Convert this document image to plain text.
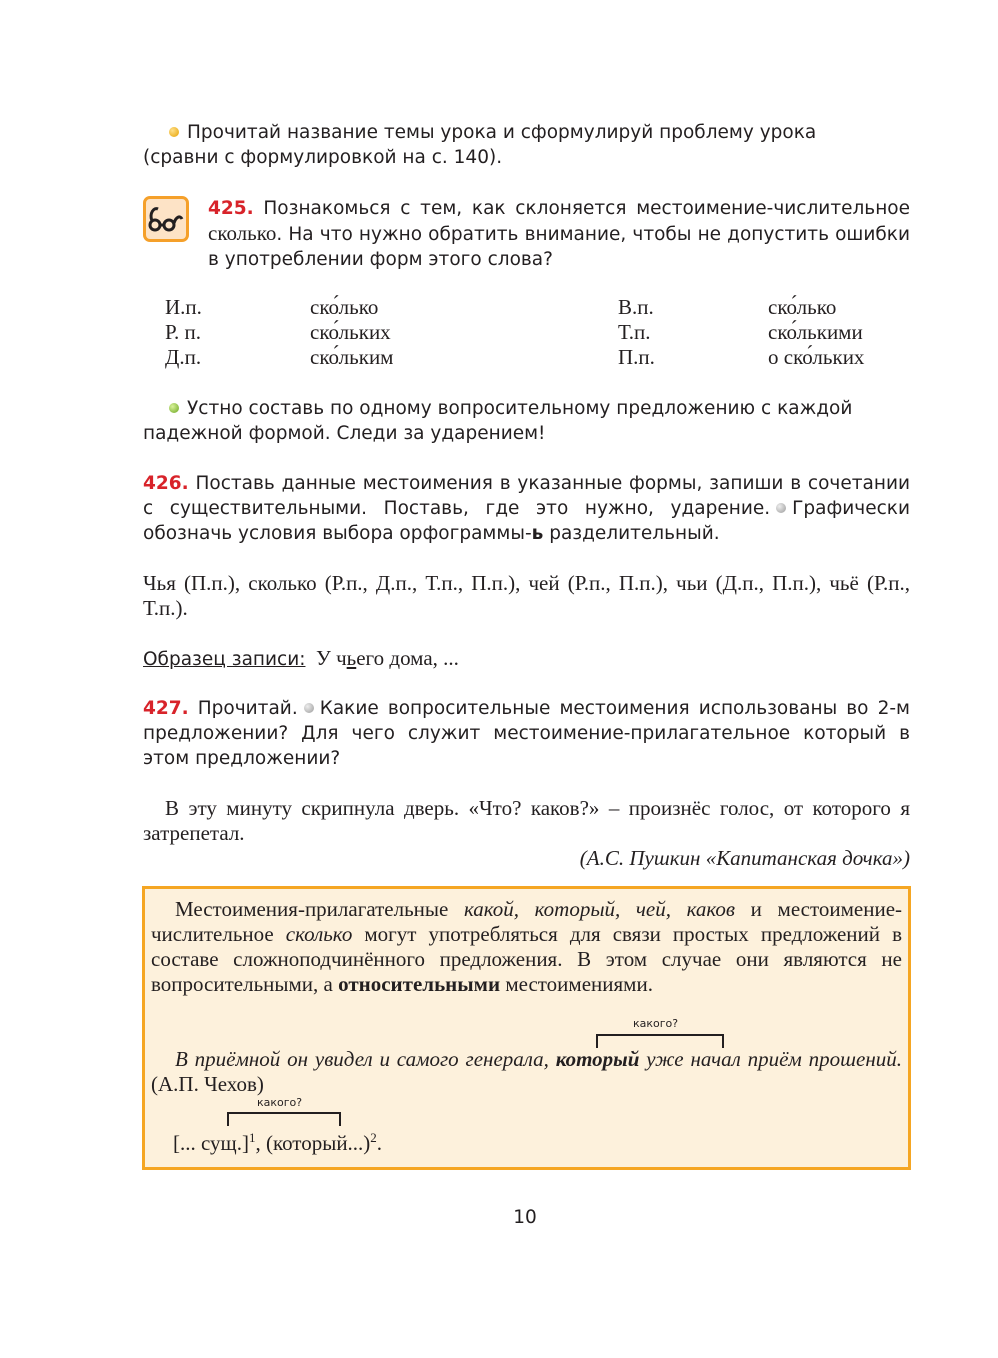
Прочитай название темы урока и сформулируй проблему урока
(сравни с формулировкой на с. 140).
425. Познакомься с тем, как склоняется местоимение-числительное сколько. На что нужно обратить внимание, чтобы не допустить ошибки в употреблении форм этого слова?
И.п.
Р. п.
Д.п.
ско́лько
ско́льких
ско́льким
В.п.
Т.п.
П.п.
ско́лько
ско́лькими
о ско́льких
Устно составь по одному вопросительному предложению с каждой
падежной формой. Следи за ударением!
426. Поставь данные местоимения в указанные формы, запиши в сочетании с существительными. Поставь, где это нужно, ударение. Графически обозначь условия выбора орфограммы-ь разделительный.
Чья (П.п.), сколько (Р.п., Д.п., Т.п., П.п.), чей (Р.п., П.п.), чьи (Д.п., П.п.), чьё (Р.п., Т.п.).
Образец записи: У чьего дома, ...
427. Прочитай. Какие вопросительные местоимения использованы во 2-м предложении? Для чего служит местоимение-прилагательное который в этом предложении?
В эту минуту скрипнула дверь. «Что? каков?» – произнёс голос, от которого я затрепетал.
(А.С. Пушкин «Капитанская дочка»)
Местоимения-прилагательные какой, который, чей, каков и местоимение-числительное сколько могут употребляться для связи простых предложений в составе сложноподчинённого предложения. В этом случае они являются не вопросительными, а относительными местоимениями.
какого?
В приёмной он увидел и самого генерала, который уже начал приём прошений. (А.П. Чехов)
какого?
[... сущ.]$^1$, (который...)$^2$.
10
